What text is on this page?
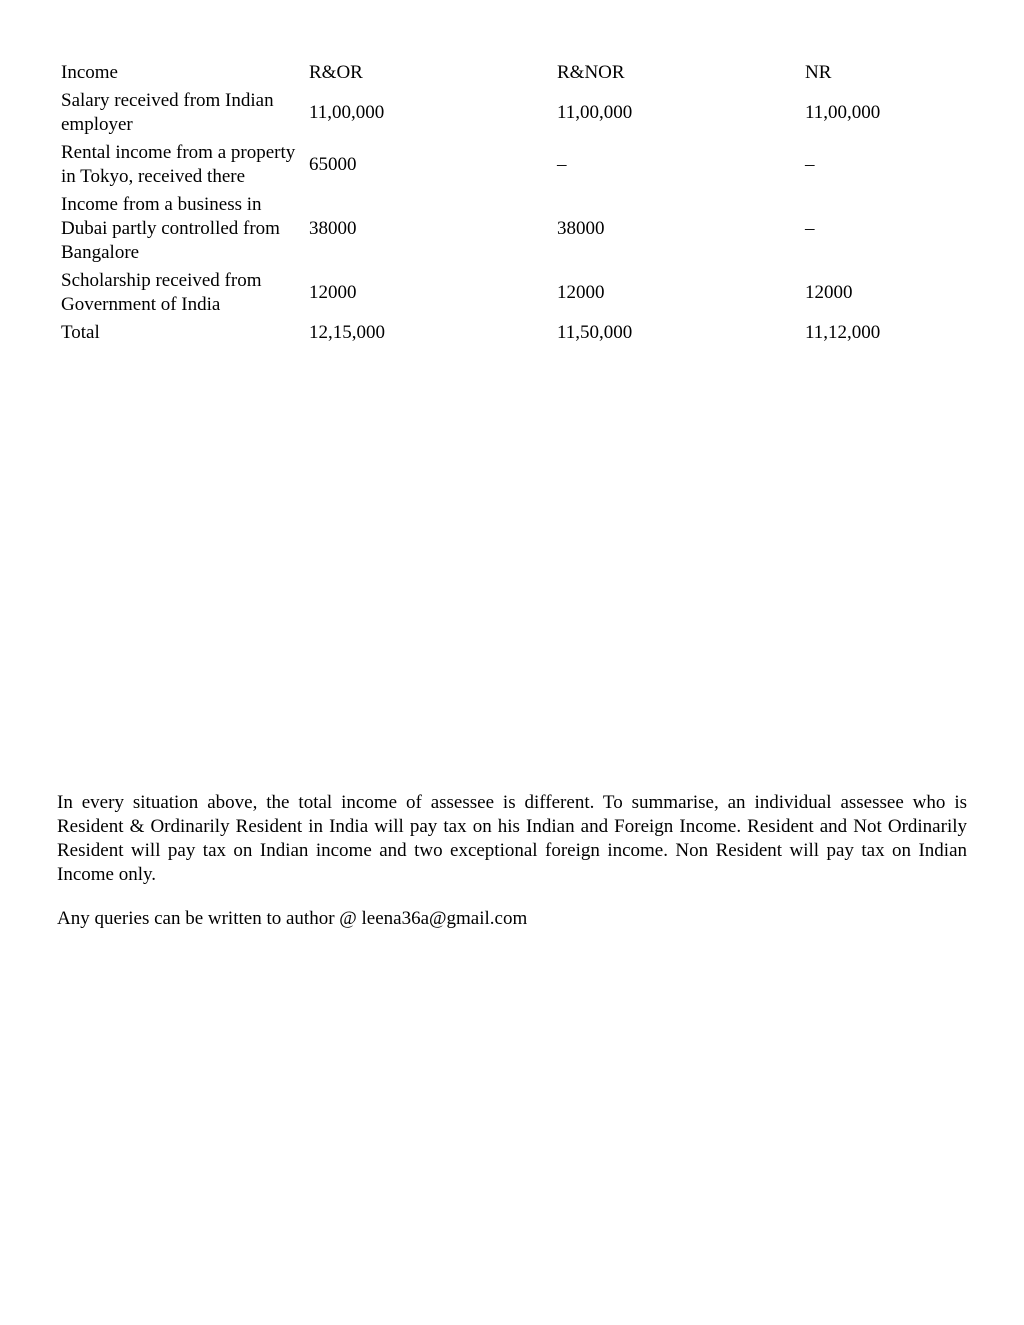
Income	R&OR	R&NOR	NR
Salary received from Indian employer	11,00,000	11,00,000	11,00,000
Rental income from a property in Tokyo, received there	65000	–	–
Income from a business in Dubai partly controlled from Bangalore	38000	38000	–
Scholarship received from Government of India	12000	12000	12000
Total	12,15,000	11,50,000	11,12,000

In every situation above, the total income of assessee is different. To summarise, an individual assessee who is Resident & Ordinarily Resident in India will pay tax on his Indian and Foreign Income. Resident and Not Ordinarily Resident will pay tax on Indian income and two exceptional foreign income. Non Resident will pay tax on Indian Income only.

Any queries can be written to author @ leena36a@gmail.com
